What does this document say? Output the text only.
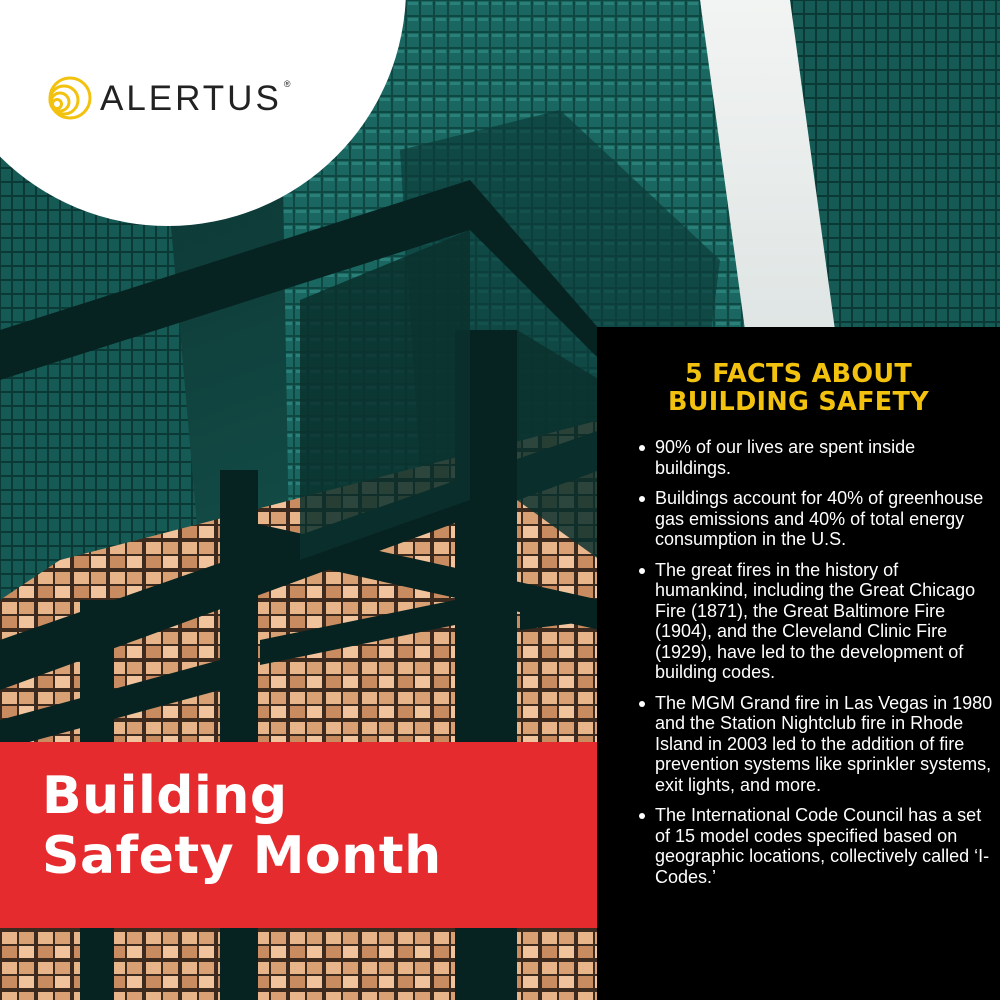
ALERTUS ®
Building
Safety Month
5 FACTS ABOUT
BUILDING SAFETY
90% of our lives are spent inside buildings.
Buildings account for 40% of greenhouse gas emissions and 40% of total energy consumption in the U.S.
The great fires in the history of humankind, including the Great Chicago Fire (1871), the Great Baltimore Fire (1904), and the Cleveland Clinic Fire (1929), have led to the development of building codes.
The MGM Grand fire in Las Vegas in 1980 and the Station Nightclub fire in Rhode Island in 2003 led to the addition of fire prevention systems like sprinkler systems, exit lights, and more.
The International Code Council has a set of 15 model codes specified based on geographic locations, collectively called ‘I-Codes.’
